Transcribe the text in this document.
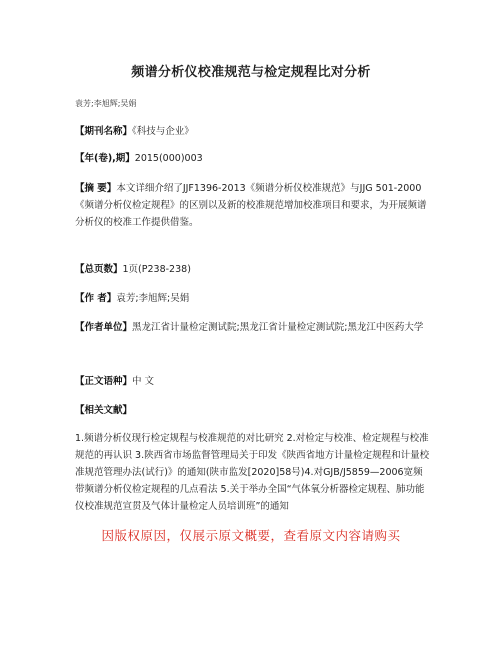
频谱分析仪校准规范与检定规程比对分析
袁芳;李旭辉;吴娟
【期刊名称】《科技与企业》
【年(卷),期】2015(000)003
【摘 要】本文详细介绍了JJF1396-2013《频谱分析仪校准规范》与JJG 501-2000《频谱分析仪检定规程》的区别以及新的校准规范增加校准项目和要求，为开展频谱分析仪的校准工作提供借鉴。
【总页数】1页(P238-238)
【作 者】袁芳;李旭辉;吴娟
【作者单位】黑龙江省计量检定测试院;黑龙江省计量检定测试院;黑龙江中医药大学
【正文语种】中 文
【相关文献】
1.频谱分析仪现行检定规程与校准规范的对比研究 2.对检定与校准、检定规程与校准规范的再认识 3.陕西省市场监督管理局关于印发《陕西省地方计量检定规程和计量校准规范管理办法(试行)》的通知(陕市监发[2020]58号)4.对GJB/J5859—2006宽频带频谱分析仪检定规程的几点看法 5.关于举办全国“气体氧分析器检定规程、肺功能仪校准规范宣贯及气体计量检定人员培训班”的通知
因版权原因，仅展示原文概要，查看原文内容请购买
